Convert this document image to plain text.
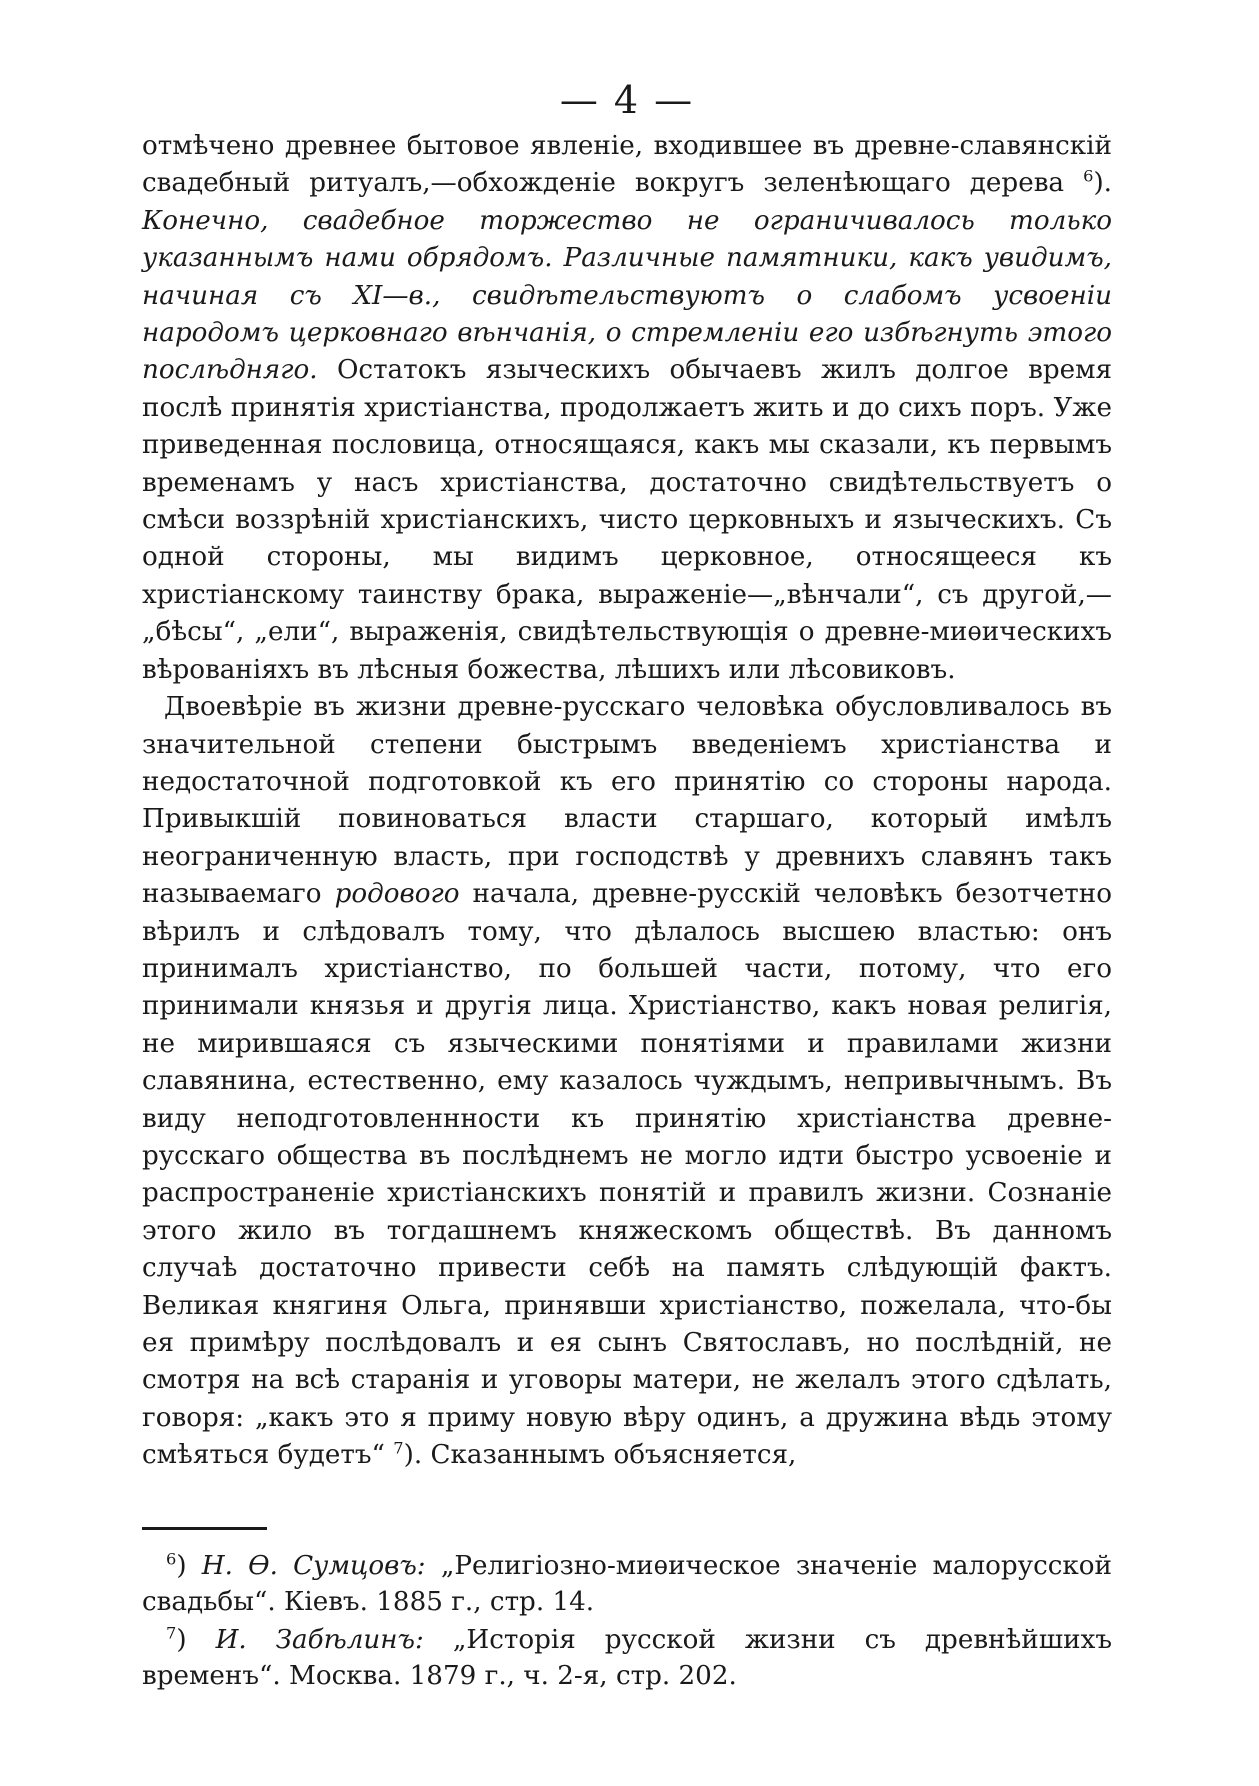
— 4 —

отмѣчено древнее бытовое явленіе, входившее въ древне-славянскій свадебный ритуалъ,—обхожденіе вокругъ зеленѣющаго дерева $^6$). Конечно, свадебное торжество не ограничивалось только указаннымъ нами обрядомъ. Различные памятники, какъ увидимъ, начиная съ XI—в., свидѣтельствуютъ о слабомъ усвоеніи народомъ церковнаго вѣнчанія, о стремленіи его избѣгнуть этого послѣдняго. Остатокъ языческихъ обычаевъ жилъ долгое время послѣ принятія христіанства, продолжаетъ жить и до сихъ поръ. Уже приведенная пословица, относящаяся, какъ мы сказали, къ первымъ временамъ у насъ христіанства, достаточно свидѣтельствуетъ о смѣси воззрѣній христіанскихъ, чисто церковныхъ и языческихъ. Съ одной стороны, мы видимъ церковное, относящееся къ христіанскому таинству брака, выраженіе—„вѣнчали“, съ другой,—„бѣсы“, „ели“, выраженія, свидѣтельствующія о древне-миѳическихъ вѣрованіяхъ въ лѣсныя божества, лѣшихъ или лѣсовиковъ.

Двоевѣріе въ жизни древне-русскаго человѣка обусловливалось въ значительной степени быстрымъ введеніемъ христіанства и недостаточной подготовкой къ его принятію со стороны народа. Привыкшій повиноваться власти старшаго, который имѣлъ неограниченную власть, при господствѣ у древнихъ славянъ такъ называемаго родового начала, древне-русскій человѣкъ безотчетно вѣрилъ и слѣдовалъ тому, что дѣлалось высшею властью: онъ принималъ христіанство, по большей части, потому, что его принимали князья и другія лица. Христіанство, какъ новая религія, не мирившаяся съ языческими понятіями и правилами жизни славянина, естественно, ему казалось чуждымъ, непривычнымъ. Въ виду неподготовленнности къ принятію христіанства древне-русскаго общества въ послѣднемъ не могло идти быстро усвоеніе и распространеніе христіанскихъ понятій и правилъ жизни. Сознаніе этого жило въ тогдашнемъ княжескомъ обществѣ. Въ данномъ случаѣ достаточно привести себѣ на память слѣдующій фактъ. Великая княгиня Ольга, принявши христіанство, пожелала, что-бы ея примѣру послѣдовалъ и ея сынъ Святославъ, но послѣдній, не смотря на всѣ старанія и уговоры матери, не желалъ этого сдѣлать, говоря: „какъ это я приму новую вѣру одинъ, а дружина вѣдь этому смѣяться будетъ“ $^7$). Сказаннымъ объясняется,

$^6$) Н. Ѳ. Сумцовъ: „Религіозно-миѳическое значеніе малорусской свадьбы“. Кіевъ. 1885 г., стр. 14.

$^7$) И. Забѣлинъ: „Исторія русской жизни съ древнѣйшихъ временъ“. Москва. 1879 г., ч. 2-я, стр. 202.
